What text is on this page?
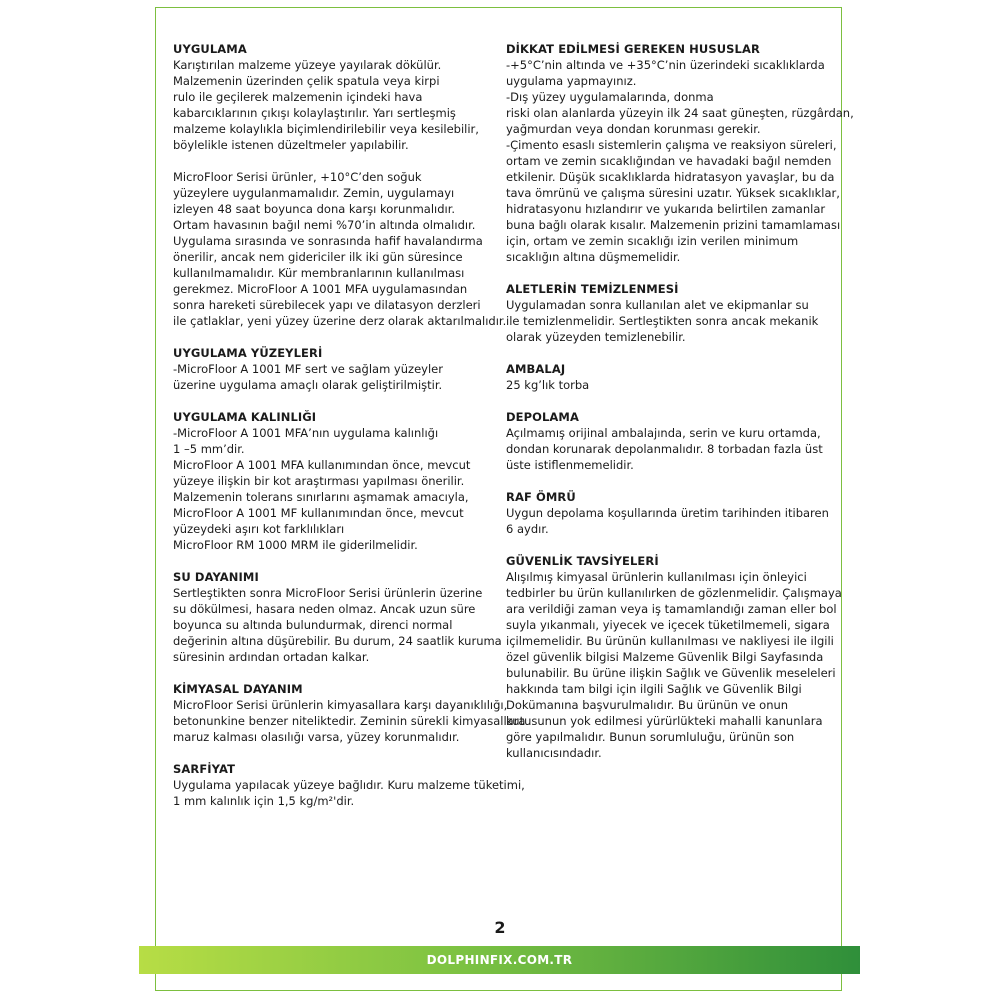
UYGULAMA
Karıştırılan malzeme yüzeye yayılarak dökülür.
Malzemenin üzerinden çelik spatula veya kirpi
rulo ile geçilerek malzemenin içindeki hava
kabarcıklarının çıkışı kolaylaştırılır. Yarı sertleşmiş
malzeme kolaylıkla biçimlendirilebilir veya kesilebilir,
böylelikle istenen düzeltmeler yapılabilir.
MicroFloor Serisi ürünler, +10°C’den soğuk
yüzeylere uygulanmamalıdır. Zemin, uygulamayı
izleyen 48 saat boyunca dona karşı korunmalıdır.
Ortam havasının bağıl nemi %70’in altında olmalıdır.
Uygulama sırasında ve sonrasında hafif havalandırma
önerilir, ancak nem gidericiler ilk iki gün süresince
kullanılmamalıdır. Kür membranlarının kullanılması
gerekmez. MicroFloor A 1001 MFA uygulamasından
sonra hareketi sürebilecek yapı ve dilatasyon derzleri
ile çatlaklar, yeni yüzey üzerine derz olarak aktarılmalıdır.
UYGULAMA YÜZEYLERİ
-MicroFloor A 1001 MF sert ve sağlam yüzeyler
üzerine uygulama amaçlı olarak geliştirilmiştir.
UYGULAMA KALINLIĞI
-MicroFloor A 1001 MFA’nın uygulama kalınlığı
1 –5 mm’dir.
MicroFloor A 1001 MFA kullanımından önce, mevcut
yüzeye ilişkin bir kot araştırması yapılması önerilir.
Malzemenin tolerans sınırlarını aşmamak amacıyla,
MicroFloor A 1001 MF kullanımından önce, mevcut
yüzeydeki aşırı kot farklılıkları
MicroFloor RM 1000 MRM ile giderilmelidir.
SU DAYANIMI
Sertleştikten sonra MicroFloor Serisi ürünlerin üzerine
su dökülmesi, hasara neden olmaz. Ancak uzun süre
boyunca su altında bulundurmak, direnci normal
değerinin altına düşürebilir. Bu durum, 24 saatlik kuruma
süresinin ardından ortadan kalkar.
KİMYASAL DAYANIM
MicroFloor Serisi ürünlerin kimyasallara karşı dayanıklılığı,
betonunkine benzer niteliktedir. Zeminin sürekli kimyasallara
maruz kalması olasılığı varsa, yüzey korunmalıdır.
SARFİYAT
Uygulama yapılacak yüzeye bağlıdır. Kuru malzeme tüketimi,
1 mm kalınlık için 1,5 kg/m²'dir.
DİKKAT EDİLMESİ GEREKEN HUSUSLAR
-+5°C’nin altında ve +35°C’nin üzerindeki sıcaklıklarda
uygulama yapmayınız.
-Dış yüzey uygulamalarında, donma
riski olan alanlarda yüzeyin ilk 24 saat güneşten, rüzgârdan,
yağmurdan veya dondan korunması gerekir.
-Çimento esaslı sistemlerin çalışma ve reaksiyon süreleri,
ortam ve zemin sıcaklığından ve havadaki bağıl nemden
etkilenir. Düşük sıcaklıklarda hidratasyon yavaşlar, bu da
tava ömrünü ve çalışma süresini uzatır. Yüksek sıcaklıklar,
hidratasyonu hızlandırır ve yukarıda belirtilen zamanlar
buna bağlı olarak kısalır. Malzemenin prizini tamamlaması
için, ortam ve zemin sıcaklığı izin verilen minimum
sıcaklığın altına düşmemelidir.
ALETLERİN TEMİZLENMESİ
Uygulamadan sonra kullanılan alet ve ekipmanlar su
ile temizlenmelidir. Sertleştikten sonra ancak mekanik
olarak yüzeyden temizlenebilir.
AMBALAJ
25 kg’lık torba
DEPOLAMA
Açılmamış orijinal ambalajında, serin ve kuru ortamda,
dondan korunarak depolanmalıdır. 8 torbadan fazla üst
üste istiflenmemelidir.
RAF ÖMRÜ
Uygun depolama koşullarında üretim tarihinden itibaren
6 aydır.
GÜVENLİK TAVSİYELERİ
Alışılmış kimyasal ürünlerin kullanılması için önleyici
tedbirler bu ürün kullanılırken de gözlenmelidir. Çalışmaya
ara verildiği zaman veya iş tamamlandığı zaman eller bol
suyla yıkanmalı, yiyecek ve içecek tüketilmemeli, sigara
içilmemelidir. Bu ürünün kullanılması ve nakliyesi ile ilgili
özel güvenlik bilgisi Malzeme Güvenlik Bilgi Sayfasında
bulunabilir. Bu ürüne ilişkin Sağlık ve Güvenlik meseleleri
hakkında tam bilgi için ilgili Sağlık ve Güvenlik Bilgi
Dokümanına başvurulmalıdır. Bu ürünün ve onun
kutusunun yok edilmesi yürürlükteki mahalli kanunlara
göre yapılmalıdır. Bunun sorumluluğu, ürünün son
kullanıcısındadır.
2
DOLPHINFIX.COM.TR
